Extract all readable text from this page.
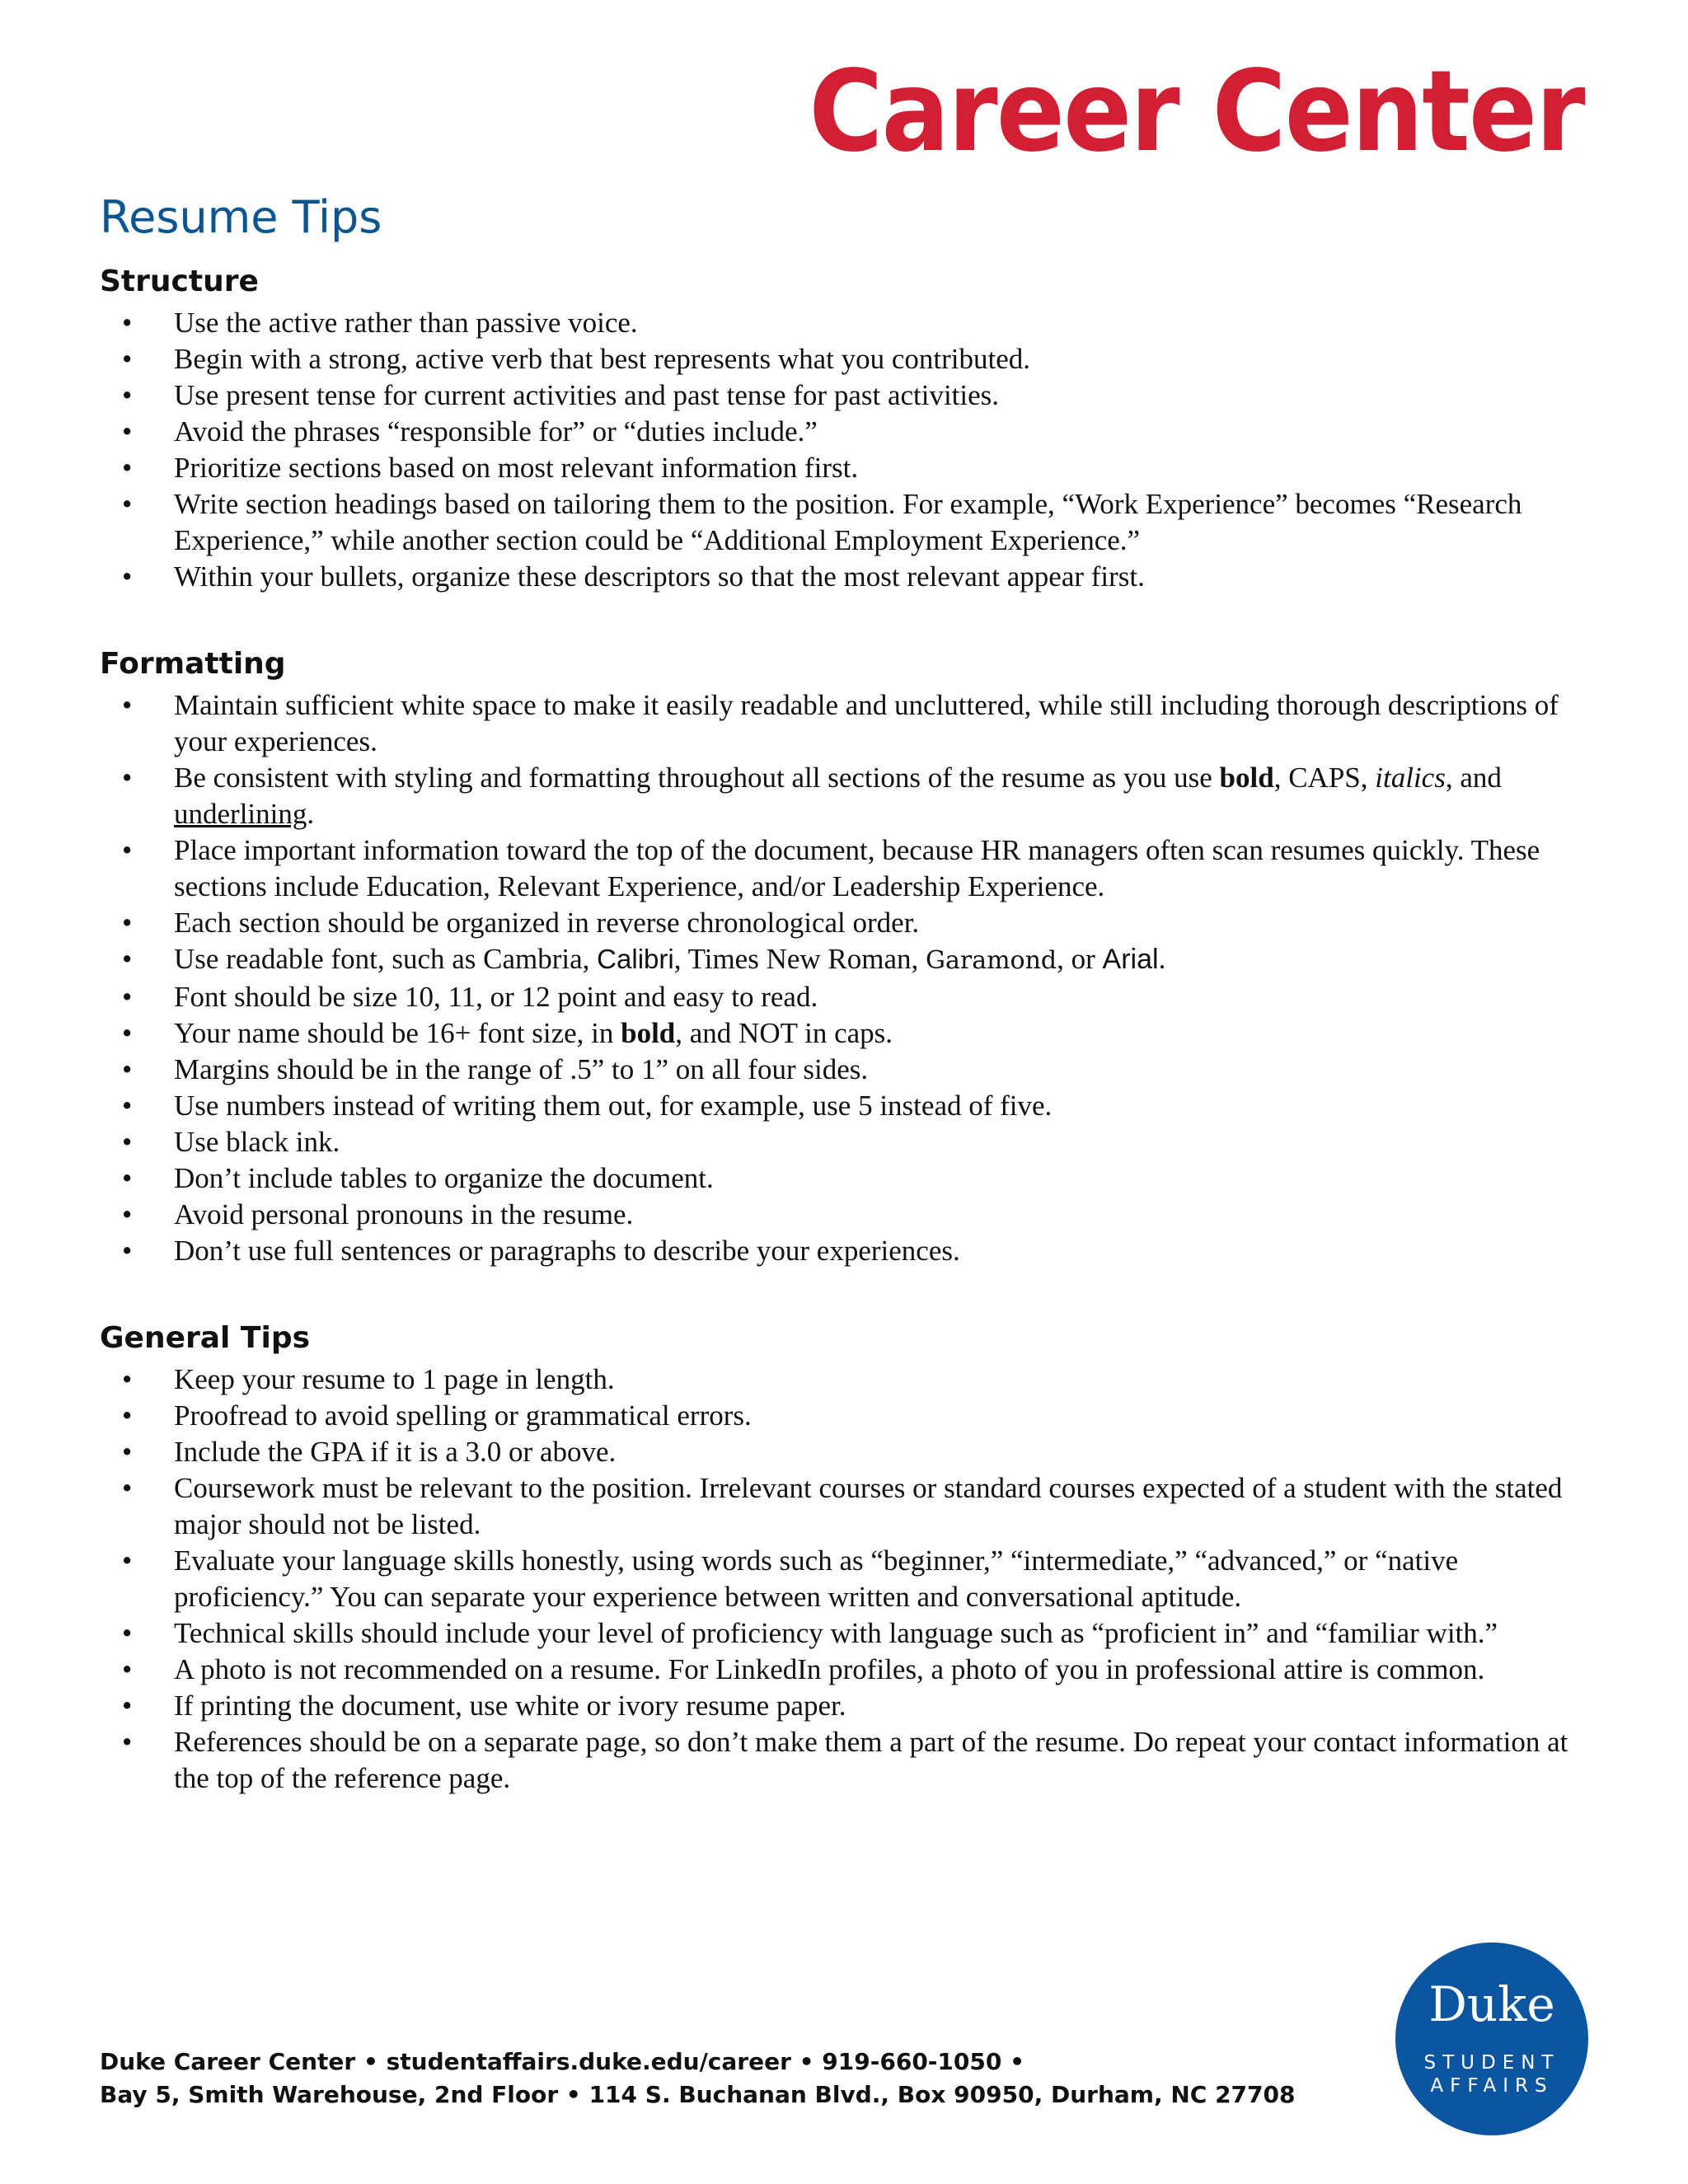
Career Center
Resume Tips
Structure
• Use the active rather than passive voice.
• Begin with a strong, active verb that best represents what you contributed.
• Use present tense for current activities and past tense for past activities.
• Avoid the phrases “responsible for” or “duties include.”
• Prioritize sections based on most relevant information first.
• Write section headings based on tailoring them to the position. For example, “Work Experience” becomes “Research Experience,” while another section could be “Additional Employment Experience.”
• Within your bullets, organize these descriptors so that the most relevant appear first.
Formatting
• Maintain sufficient white space to make it easily readable and uncluttered, while still including thorough descriptions of your experiences.
• Be consistent with styling and formatting throughout all sections of the resume as you use bold, CAPS, italics, and underlining.
• Place important information toward the top of the document, because HR managers often scan resumes quickly. These sections include Education, Relevant Experience, and/or Leadership Experience.
• Each section should be organized in reverse chronological order.
• Use readable font, such as Cambria, Calibri, Times New Roman, Garamond, or Arial.
• Font should be size 10, 11, or 12 point and easy to read.
• Your name should be 16+ font size, in bold, and NOT in caps.
• Margins should be in the range of .5” to 1” on all four sides.
• Use numbers instead of writing them out, for example, use 5 instead of five.
• Use black ink.
• Don’t include tables to organize the document.
• Avoid personal pronouns in the resume.
• Don’t use full sentences or paragraphs to describe your experiences.
General Tips
• Keep your resume to 1 page in length.
• Proofread to avoid spelling or grammatical errors.
• Include the GPA if it is a 3.0 or above.
• Coursework must be relevant to the position. Irrelevant courses or standard courses expected of a student with the stated major should not be listed.
• Evaluate your language skills honestly, using words such as “beginner,” “intermediate,” “advanced,” or “native proficiency.” You can separate your experience between written and conversational aptitude.
• Technical skills should include your level of proficiency with language such as “proficient in” and “familiar with.”
• A photo is not recommended on a resume. For LinkedIn profiles, a photo of you in professional attire is common.
• If printing the document, use white or ivory resume paper.
• References should be on a separate page, so don’t make them a part of the resume. Do repeat your contact information at the top of the reference page.
Duke Career Center • studentaffairs.duke.edu/career • 919-660-1050 •
Bay 5, Smith Warehouse, 2nd Floor • 114 S. Buchanan Blvd., Box 90950, Durham, NC 27708
Duke
STUDENT
AFFAIRS
